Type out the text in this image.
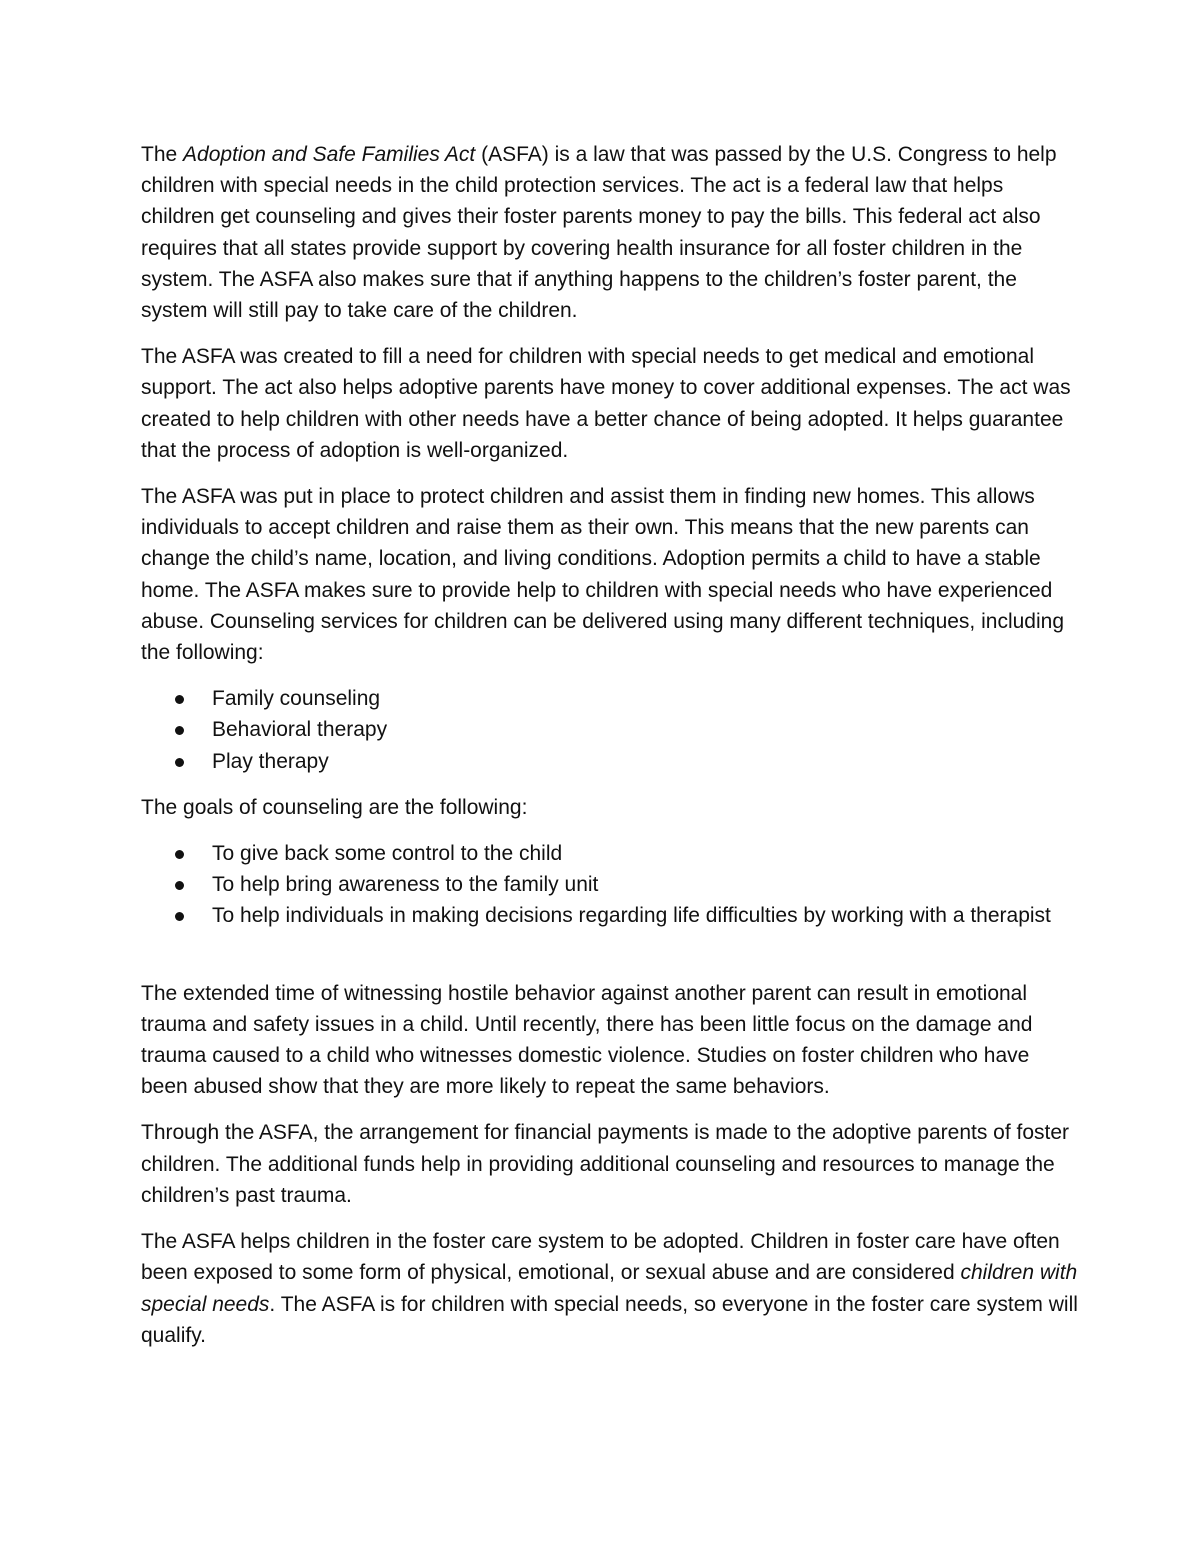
The Adoption and Safe Families Act (ASFA) is a law that was passed by the U.S. Congress to help children with special needs in the child protection services. The act is a federal law that helps children get counseling and gives their foster parents money to pay the bills. This federal act also requires that all states provide support by covering health insurance for all foster children in the system. The ASFA also makes sure that if anything happens to the children’s foster parent, the system will still pay to take care of the children.

The ASFA was created to fill a need for children with special needs to get medical and emotional support. The act also helps adoptive parents have money to cover additional expenses. The act was created to help children with other needs have a better chance of being adopted. It helps guarantee that the process of adoption is well-organized.

The ASFA was put in place to protect children and assist them in finding new homes. This allows individuals to accept children and raise them as their own. This means that the new parents can change the child’s name, location, and living conditions. Adoption permits a child to have a stable home. The ASFA makes sure to provide help to children with special needs who have experienced abuse. Counseling services for children can be delivered using many different techniques, including the following:

Family counseling
Behavioral therapy
Play therapy

The goals of counseling are the following:

To give back some control to the child
To help bring awareness to the family unit
To help individuals in making decisions regarding life difficulties by working with a therapist

The extended time of witnessing hostile behavior against another parent can result in emotional trauma and safety issues in a child. Until recently, there has been little focus on the damage and trauma caused to a child who witnesses domestic violence. Studies on foster children who have been abused show that they are more likely to repeat the same behaviors.

Through the ASFA, the arrangement for financial payments is made to the adoptive parents of foster children. The additional funds help in providing additional counseling and resources to manage the children’s past trauma.

The ASFA helps children in the foster care system to be adopted. Children in foster care have often been exposed to some form of physical, emotional, or sexual abuse and are considered children with special needs. The ASFA is for children with special needs, so everyone in the foster care system will qualify.
